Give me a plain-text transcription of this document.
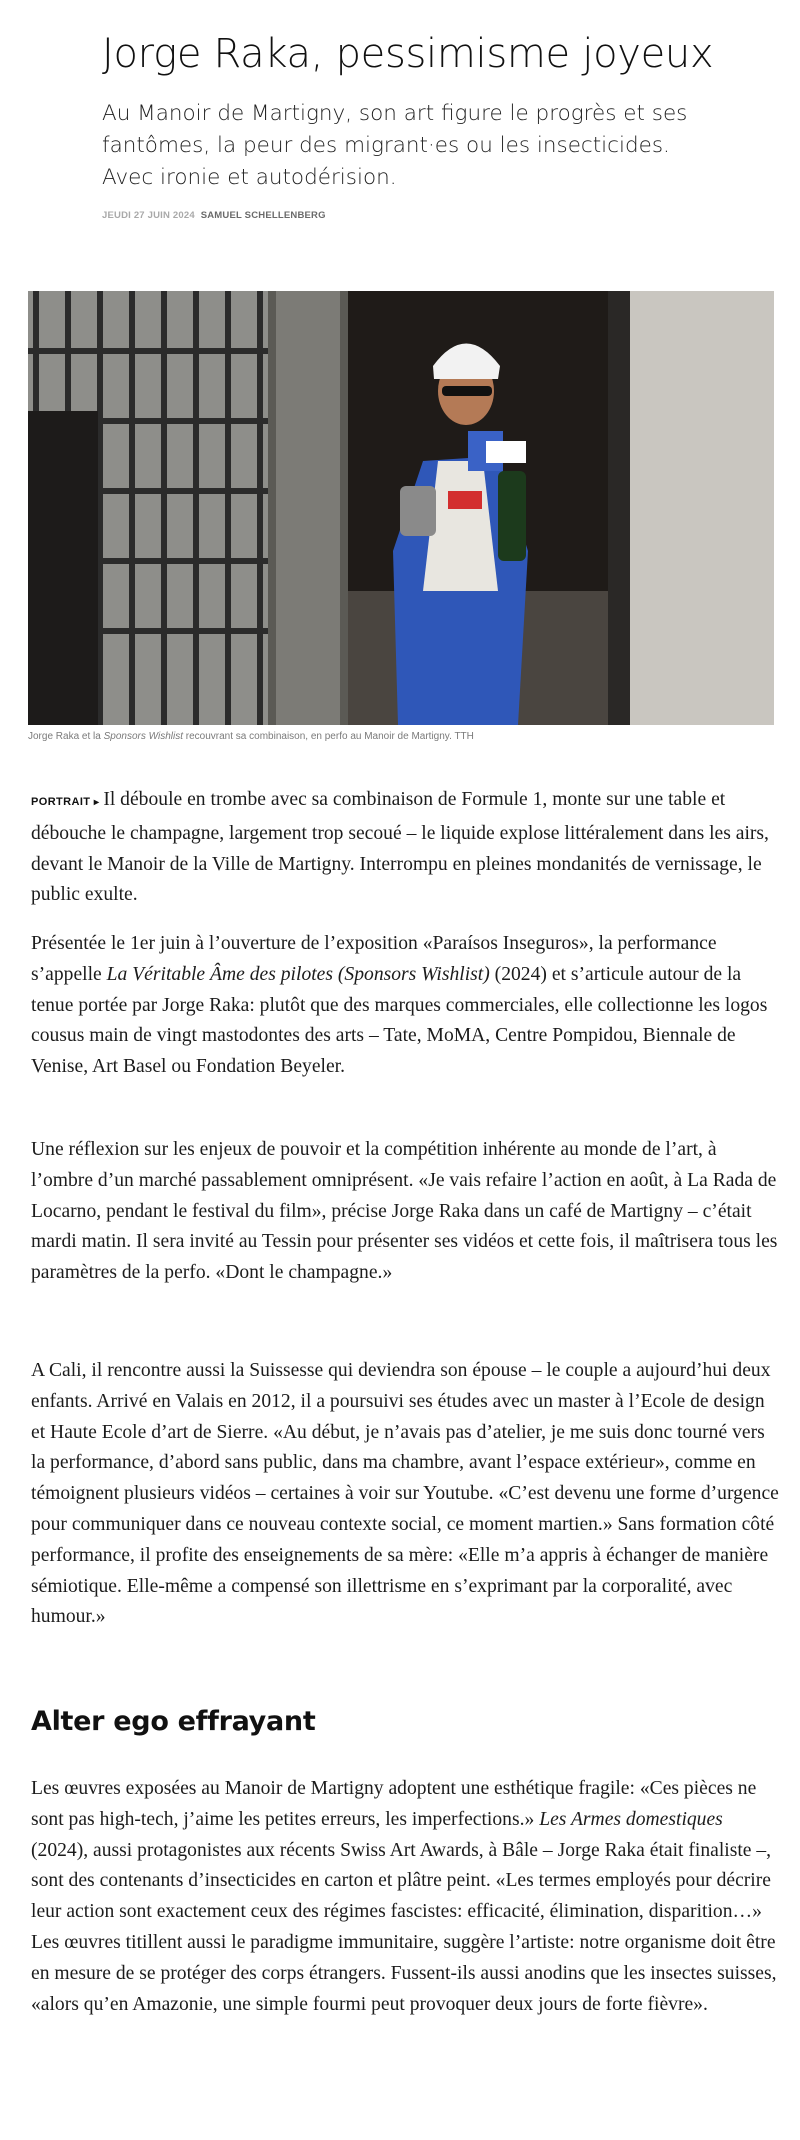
Jorge Raka, pessimisme joyeux

Au Manoir de Martigny, son art figure le progrès et ses fantômes, la peur des migrant·es ou les insecticides. Avec ironie et autodérision.

JEUDI 27 JUIN 2024 SAMUEL SCHELLENBERG
Jorge Raka et la Sponsors Wishlist recouvrant sa combinaison, en perfo au Manoir de Martigny. TTH

PORTRAIT ▸ Il déboule en trombe avec sa combinaison de Formule 1, monte sur une table et débouche le champagne, largement trop secoué – le liquide explose littéralement dans les airs, devant le Manoir de la Ville de Martigny. Interrompu en pleines mondanités de vernissage, le public exulte.

Présentée le 1er juin à l’ouverture de l’exposition «Paraísos Inseguros», la performance s’appelle La Véritable Âme des pilotes (Sponsors Wishlist) (2024) et s’articule autour de la tenue portée par Jorge Raka: plutôt que des marques commerciales, elle collectionne les logos cousus main de vingt mastodontes des arts – Tate, MoMA, Centre Pompidou, Biennale de Venise, Art Basel ou Fondation Beyeler.

Une réflexion sur les enjeux de pouvoir et la compétition inhérente au monde de l’art, à l’ombre d’un marché passablement omniprésent. «Je vais refaire l’action en août, à La Rada de Locarno, pendant le festival du film», précise Jorge Raka dans un café de Martigny – c’était mardi matin. Il sera invité au Tessin pour présenter ses vidéos et cette fois, il maîtrisera tous les paramètres de la perfo. «Dont le champagne.»

A Cali, il rencontre aussi la Suissesse qui deviendra son épouse – le couple a aujourd’hui deux enfants. Arrivé en Valais en 2012, il a poursuivi ses études avec un master à l’Ecole de design et Haute Ecole d’art de Sierre. «Au début, je n’avais pas d’atelier, je me suis donc tourné vers la performance, d’abord sans public, dans ma chambre, avant l’espace extérieur», comme en témoignent plusieurs vidéos – certaines à voir sur Youtube. «C’est devenu une forme d’urgence pour communiquer dans ce nouveau contexte social, ce moment martien.» Sans formation côté performance, il profite des enseignements de sa mère: «Elle m’a appris à échanger de manière sémiotique. Elle-même a compensé son illettrisme en s’exprimant par la corporalité, avec humour.»

Alter ego effrayant

Les œuvres exposées au Manoir de Martigny adoptent une esthétique fragile: «Ces pièces ne sont pas high-tech, j’aime les petites erreurs, les imperfections.» Les Armes domestiques (2024), aussi protagonistes aux récents Swiss Art Awards, à Bâle – Jorge Raka était finaliste –, sont des contenants d’insecticides en carton et plâtre peint. «Les termes employés pour décrire leur action sont exactement ceux des régimes fascistes: efficacité, élimination, disparition…» Les œuvres titillent aussi le paradigme immunitaire, suggère l’artiste: notre organisme doit être en mesure de se protéger des corps étrangers. Fussent-ils aussi anodins que les insectes suisses, «alors qu’en Amazonie, une simple fourmi peut provoquer deux jours de forte fièvre».
